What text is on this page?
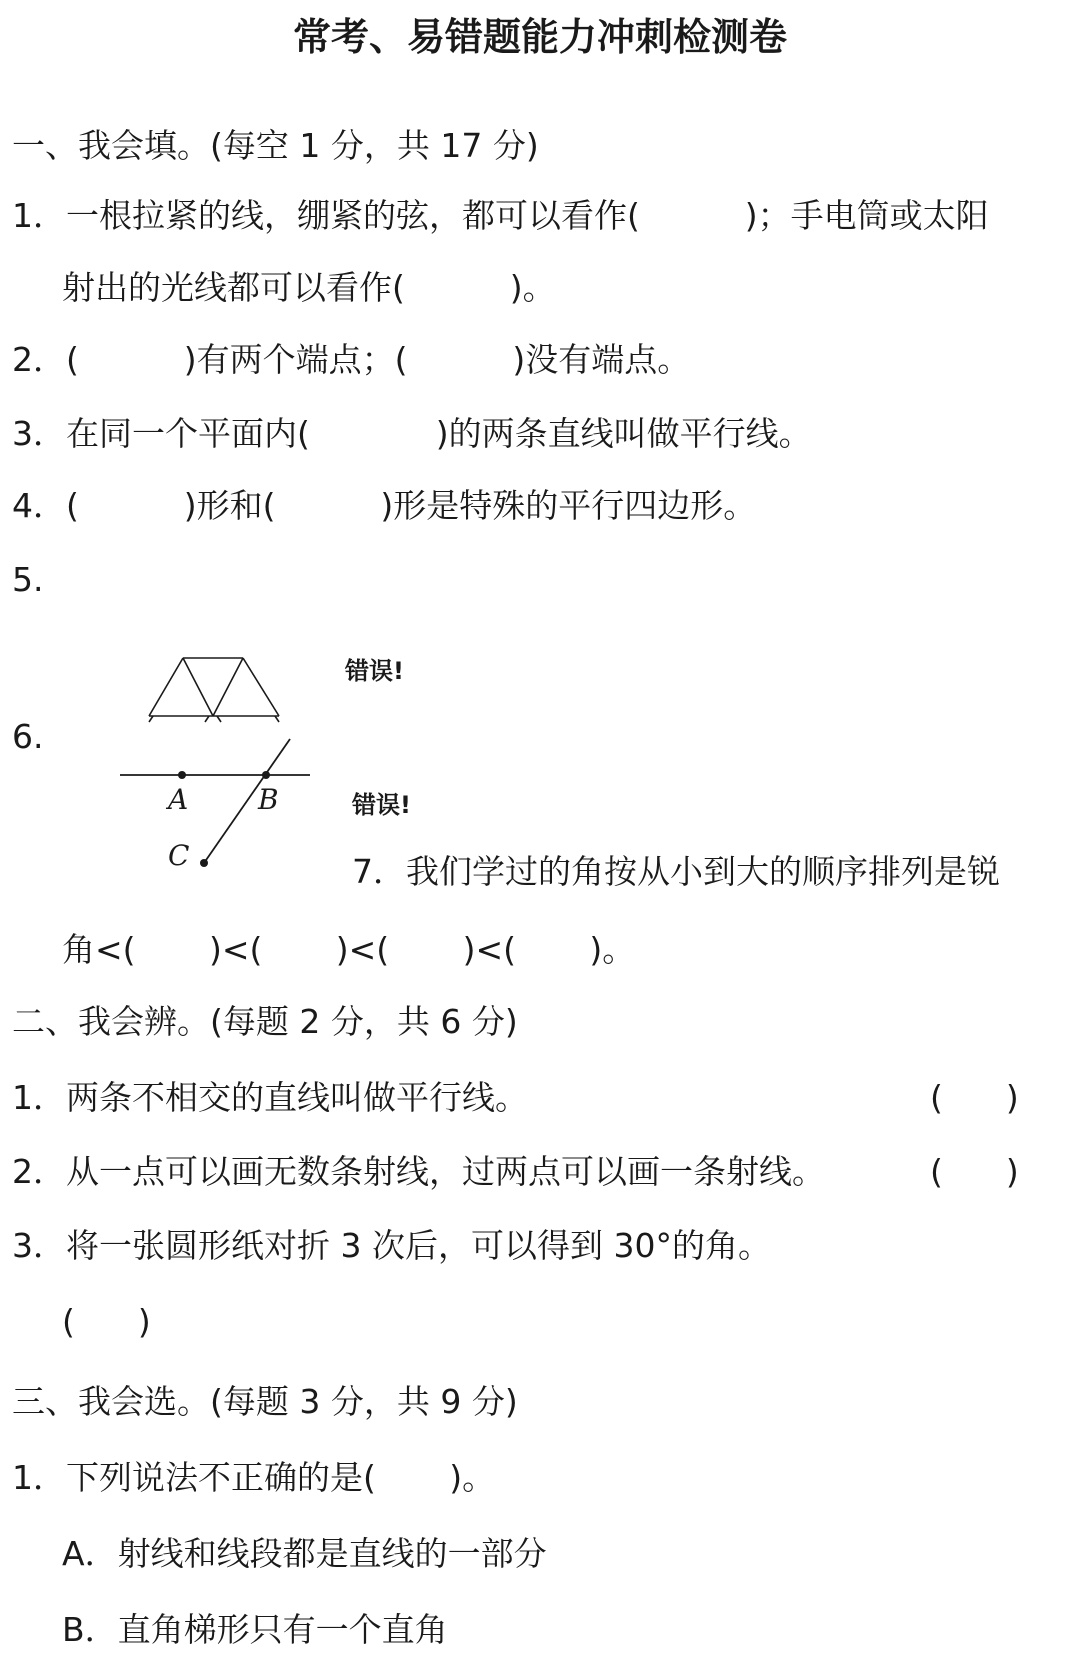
常考、易错题能力冲刺检测卷
一、我会填。(每空 1 分，共 17 分)
1．一根拉紧的线，绷紧的弦，都可以看作(          )；手电筒或太阳
射出的光线都可以看作(          )。
2．(          )有两个端点；(          )没有端点。
3．在同一个平面内(            )的两条直线叫做平行线。
4．(          )形和(          )形是特殊的平行四边形。
5.
错误!
6.
A B
C
错误!
7．我们学过的角按从小到大的顺序排列是锐
角<(       )<(       )<(       )<(       )。
二、我会辨。(每题 2 分，共 6 分)
1．两条不相交的直线叫做平行线。	(      )
2．从一点可以画无数条射线，过两点可以画一条射线。	(      )
3．将一张圆形纸对折 3 次后，可以得到 30°的角。
(      )
三、我会选。(每题 3 分，共 9 分)
1．下列说法不正确的是(       )。
A．射线和线段都是直线的一部分
B．直角梯形只有一个直角
